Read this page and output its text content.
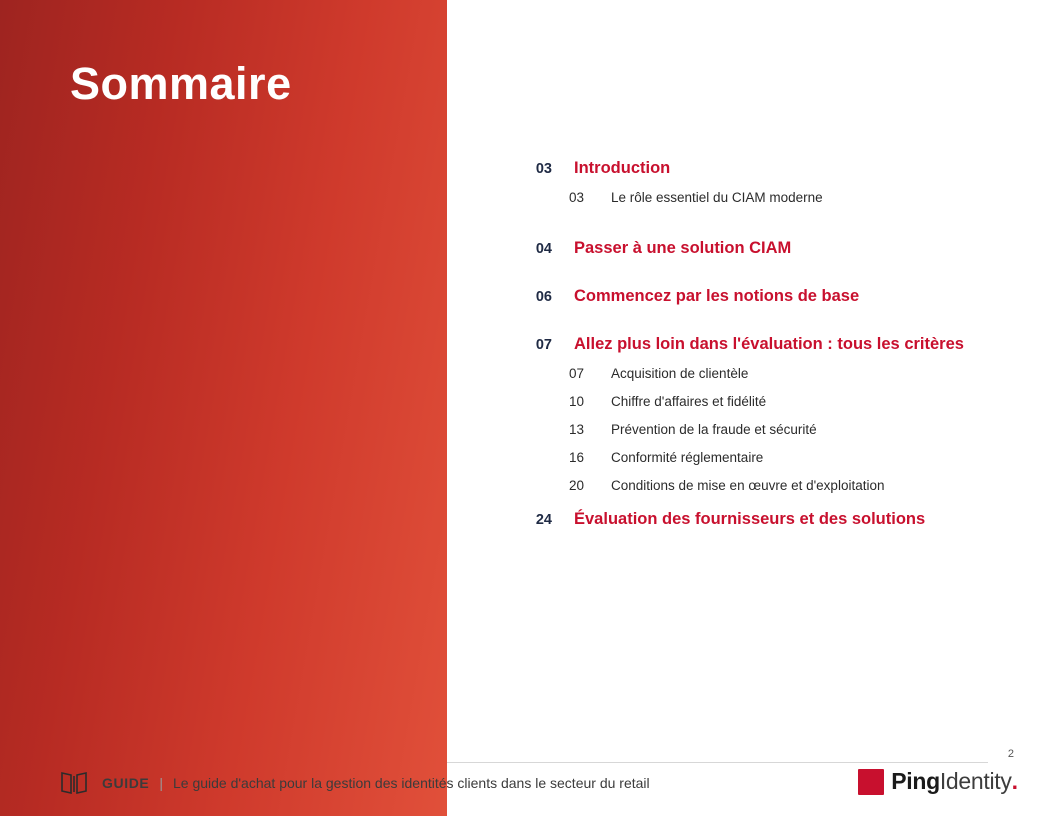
Sommaire
03	Introduction
03	Le rôle essentiel du CIAM moderne
04	Passer à une solution CIAM
06	Commencez par les notions de base
07	Allez plus loin dans l'évaluation : tous les critères
07	Acquisition de clientèle
10	Chiffre d'affaires et fidélité
13	Prévention de la fraude et sécurité
16	Conformité réglementaire
20	Conditions de mise en œuvre et d'exploitation
24	Évaluation des fournisseurs et des solutions
2
GUIDE | Le guide d'achat pour la gestion des identités clients dans le secteur du retail	Ping Identity .
